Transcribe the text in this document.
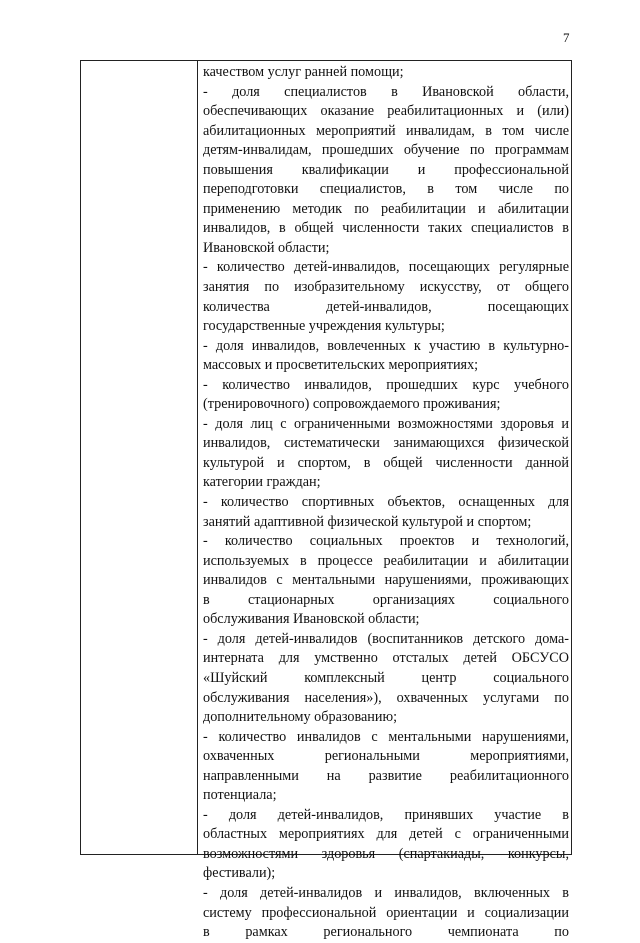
7
качеством услуг ранней помощи;
- доля специалистов в Ивановской области,
обеспечивающих оказание реабилитационных и (или)
абилитационных мероприятий инвалидам, в том числе
детям-инвалидам, прошедших обучение по программам
повышения квалификации и профессиональной
переподготовки специалистов, в том числе по
применению методик по реабилитации и абилитации
инвалидов, в общей численности таких специалистов в
Ивановской области;
- количество детей-инвалидов, посещающих регулярные
занятия по изобразительному искусству, от общего
количества детей-инвалидов, посещающих
государственные учреждения культуры;
- доля инвалидов, вовлеченных к участию в культурно-
массовых и просветительских мероприятиях;
- количество инвалидов, прошедших курс учебного
(тренировочного) сопровождаемого проживания;
- доля лиц с ограниченными возможностями здоровья и
инвалидов, систематически занимающихся физической
культурой и спортом, в общей численности данной
категории граждан;
- количество спортивных объектов, оснащенных для
занятий адаптивной физической культурой и спортом;
- количество социальных проектов и технологий,
используемых в процессе реабилитации и абилитации
инвалидов с ментальными нарушениями, проживающих
в стационарных организациях социального
обслуживания Ивановской области;
- доля детей-инвалидов (воспитанников детского дома-
интерната для умственно отсталых детей ОБСУСО
«Шуйский комплексный центр социального
обслуживания населения»), охваченных услугами по
дополнительному образованию;
- количество инвалидов с ментальными нарушениями,
охваченных региональными мероприятиями,
направленными на развитие реабилитационного
потенциала;
- доля детей-инвалидов, принявших участие в
областных мероприятиях для детей с ограниченными
возможностями здоровья (спартакиады, конкурсы,
фестивали);
- доля детей-инвалидов и инвалидов, включенных в
систему профессиональной ориентации и социализации
в рамках регионального чемпионата по
